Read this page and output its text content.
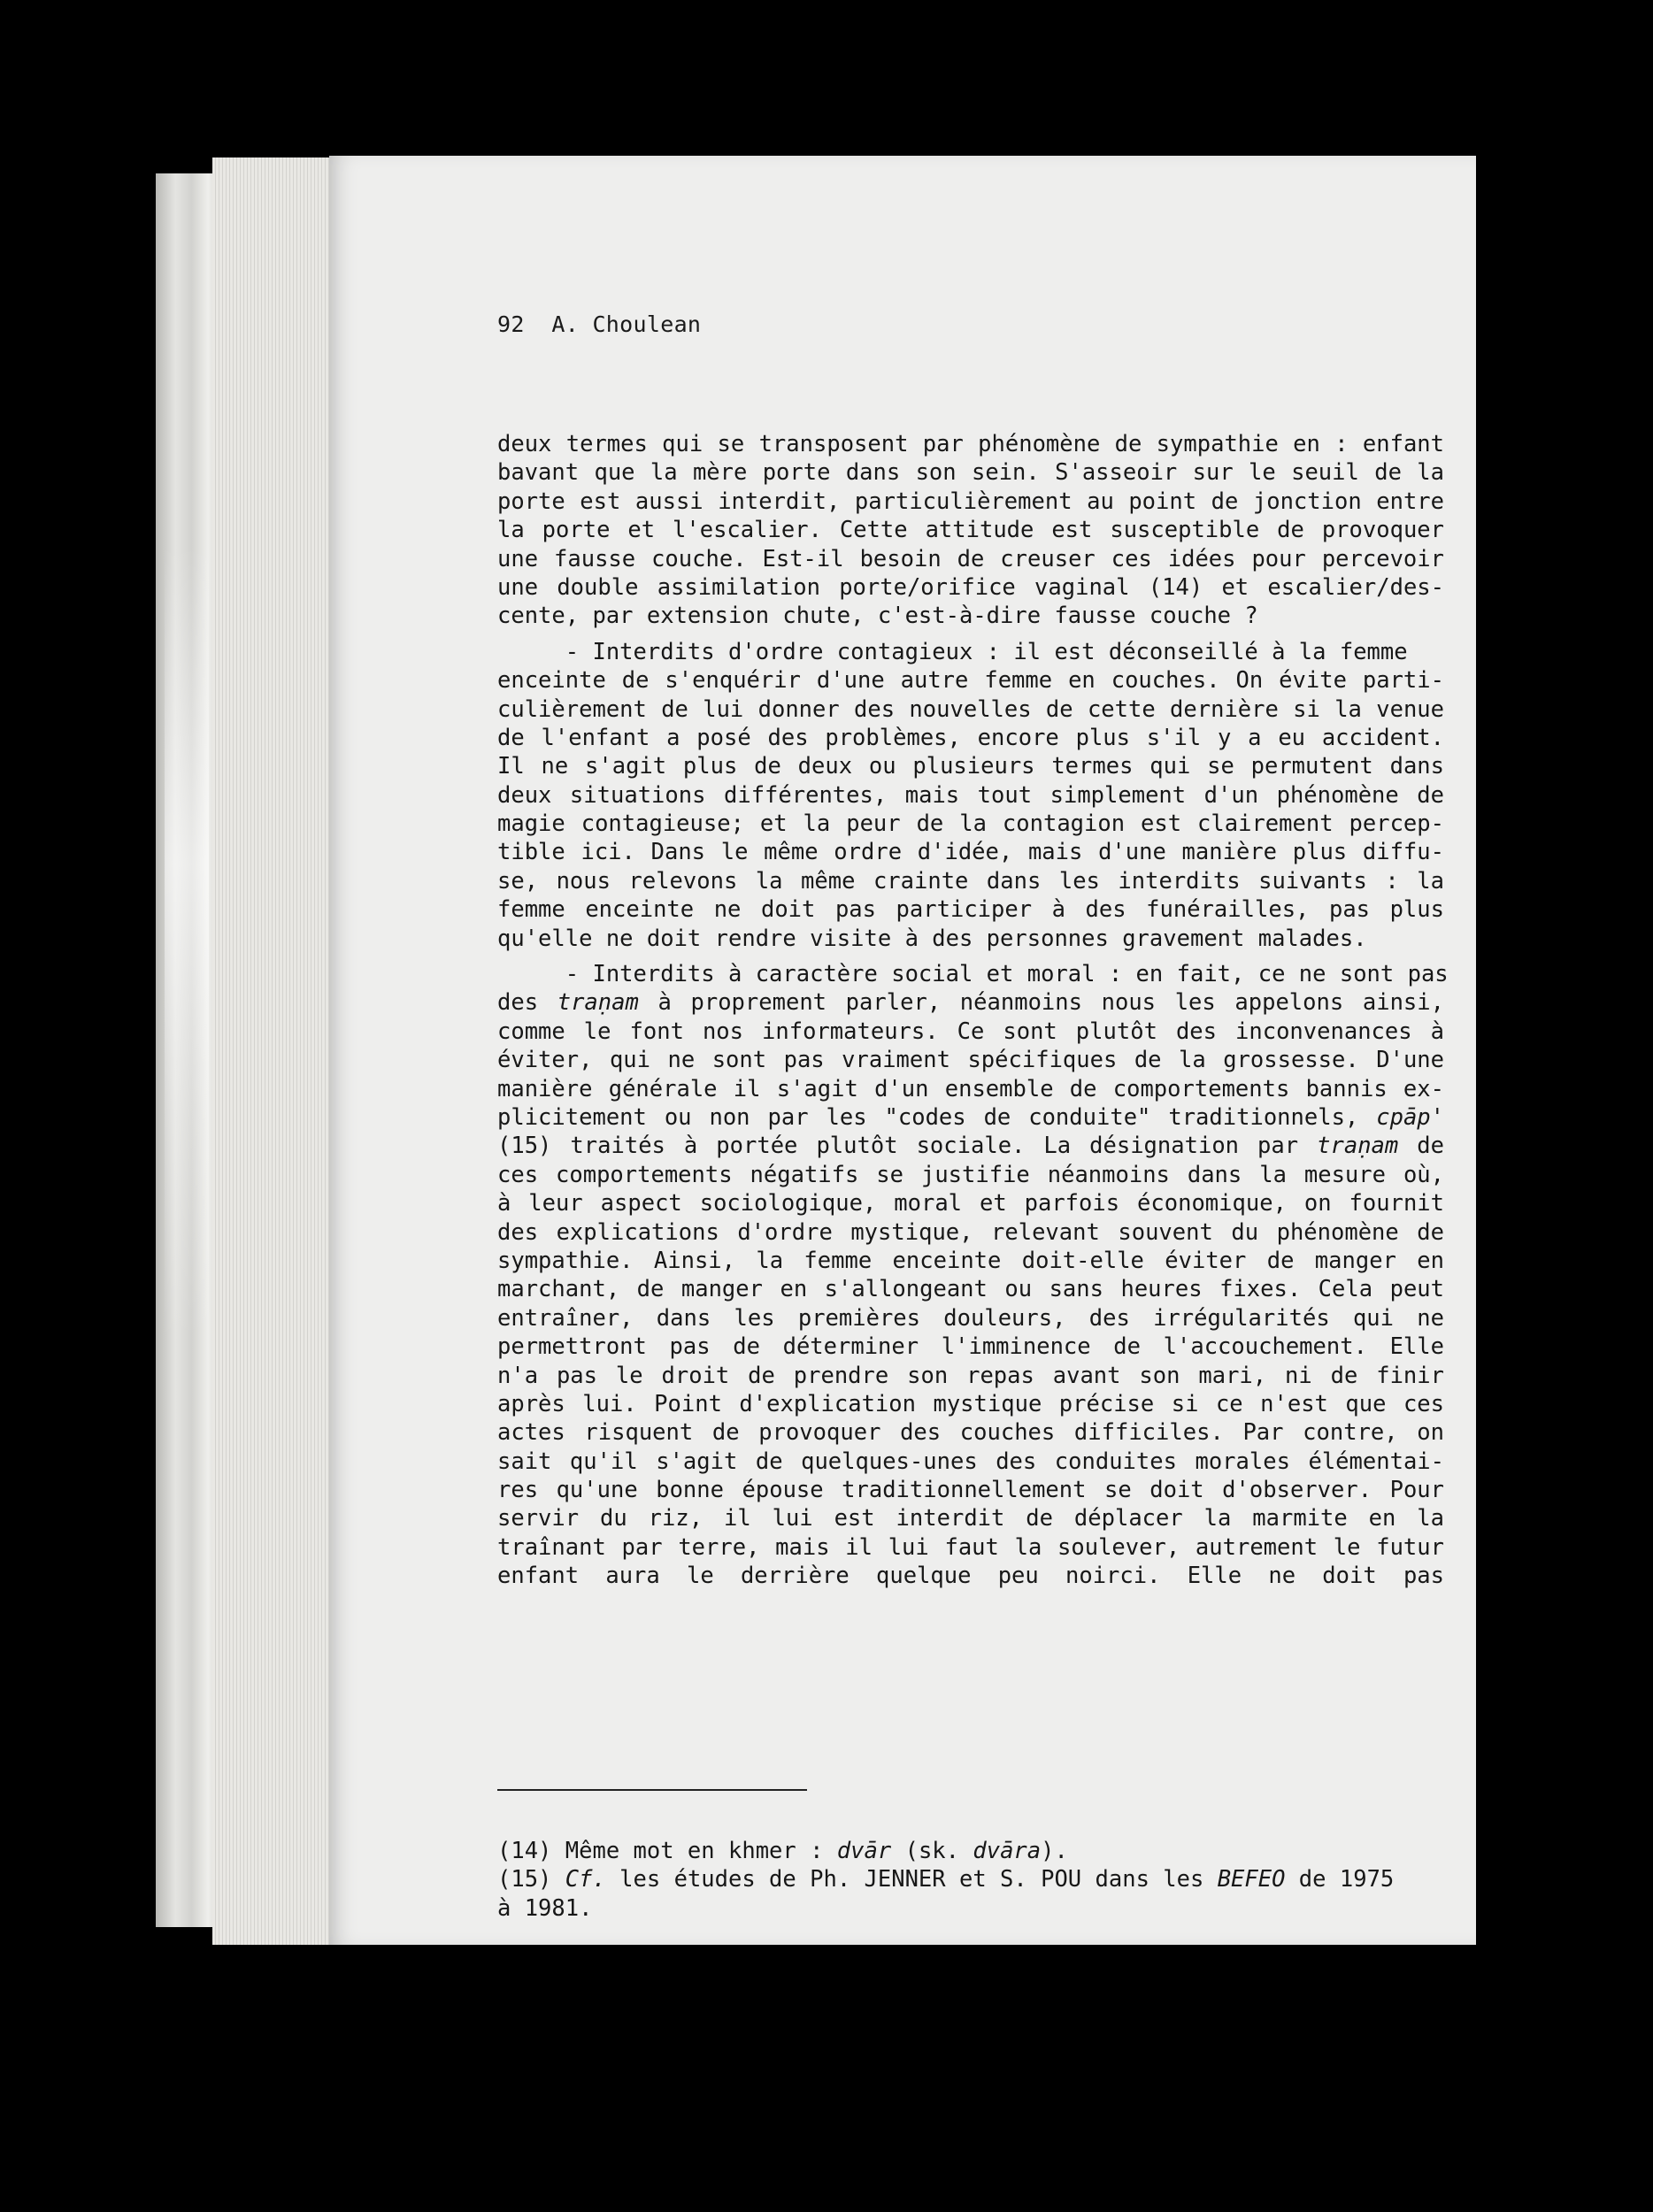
92 A. Choulean
deux termes qui se transposent par phénomène de sympathie en : enfant
bavant que la mère porte dans son sein. S'asseoir sur le seuil de la
porte est aussi interdit, particulièrement au point de jonction entre
la porte et l'escalier. Cette attitude est susceptible de provoquer
une fausse couche. Est-il besoin de creuser ces idées pour percevoir
une double assimilation porte/orifice vaginal (14) et escalier/des-
cente, par extension chute, c'est-à-dire fausse couche ?
- Interdits d'ordre contagieux : il est déconseillé à la femme
enceinte de s'enquérir d'une autre femme en couches. On évite parti-
culièrement de lui donner des nouvelles de cette dernière si la venue
de l'enfant a posé des problèmes, encore plus s'il y a eu accident.
Il ne s'agit plus de deux ou plusieurs termes qui se permutent dans
deux situations différentes, mais tout simplement d'un phénomène de
magie contagieuse; et la peur de la contagion est clairement percep-
tible ici. Dans le même ordre d'idée, mais d'une manière plus diffu-
se, nous relevons la même crainte dans les interdits suivants : la
femme enceinte ne doit pas participer à des funérailles, pas plus
qu'elle ne doit rendre visite à des personnes gravement malades.
- Interdits à caractère social et moral : en fait, ce ne sont pas
des traṇam à proprement parler, néanmoins nous les appelons ainsi,
comme le font nos informateurs. Ce sont plutôt des inconvenances à
éviter, qui ne sont pas vraiment spécifiques de la grossesse. D'une
manière générale il s'agit d'un ensemble de comportements bannis ex-
plicitement ou non par les "codes de conduite" traditionnels, cpāp'
(15) traités à portée plutôt sociale. La désignation par traṇam de
ces comportements négatifs se justifie néanmoins dans la mesure où,
à leur aspect sociologique, moral et parfois économique, on fournit
des explications d'ordre mystique, relevant souvent du phénomène de
sympathie. Ainsi, la femme enceinte doit-elle éviter de manger en
marchant, de manger en s'allongeant ou sans heures fixes. Cela peut
entraîner, dans les premières douleurs, des irrégularités qui ne
permettront pas de déterminer l'imminence de l'accouchement. Elle
n'a pas le droit de prendre son repas avant son mari, ni de finir
après lui. Point d'explication mystique précise si ce n'est que ces
actes risquent de provoquer des couches difficiles. Par contre, on
sait qu'il s'agit de quelques-unes des conduites morales élémentai-
res qu'une bonne épouse traditionnellement se doit d'observer. Pour
servir du riz, il lui est interdit de déplacer la marmite en la
traînant par terre, mais il lui faut la soulever, autrement le futur
enfant aura le derrière quelque peu noirci. Elle ne doit pas
(14) Même mot en khmer : dvār (sk. dvāra).
(15) Cf. les études de Ph. JENNER et S. POU dans les BEFEO de 1975
à 1981.
